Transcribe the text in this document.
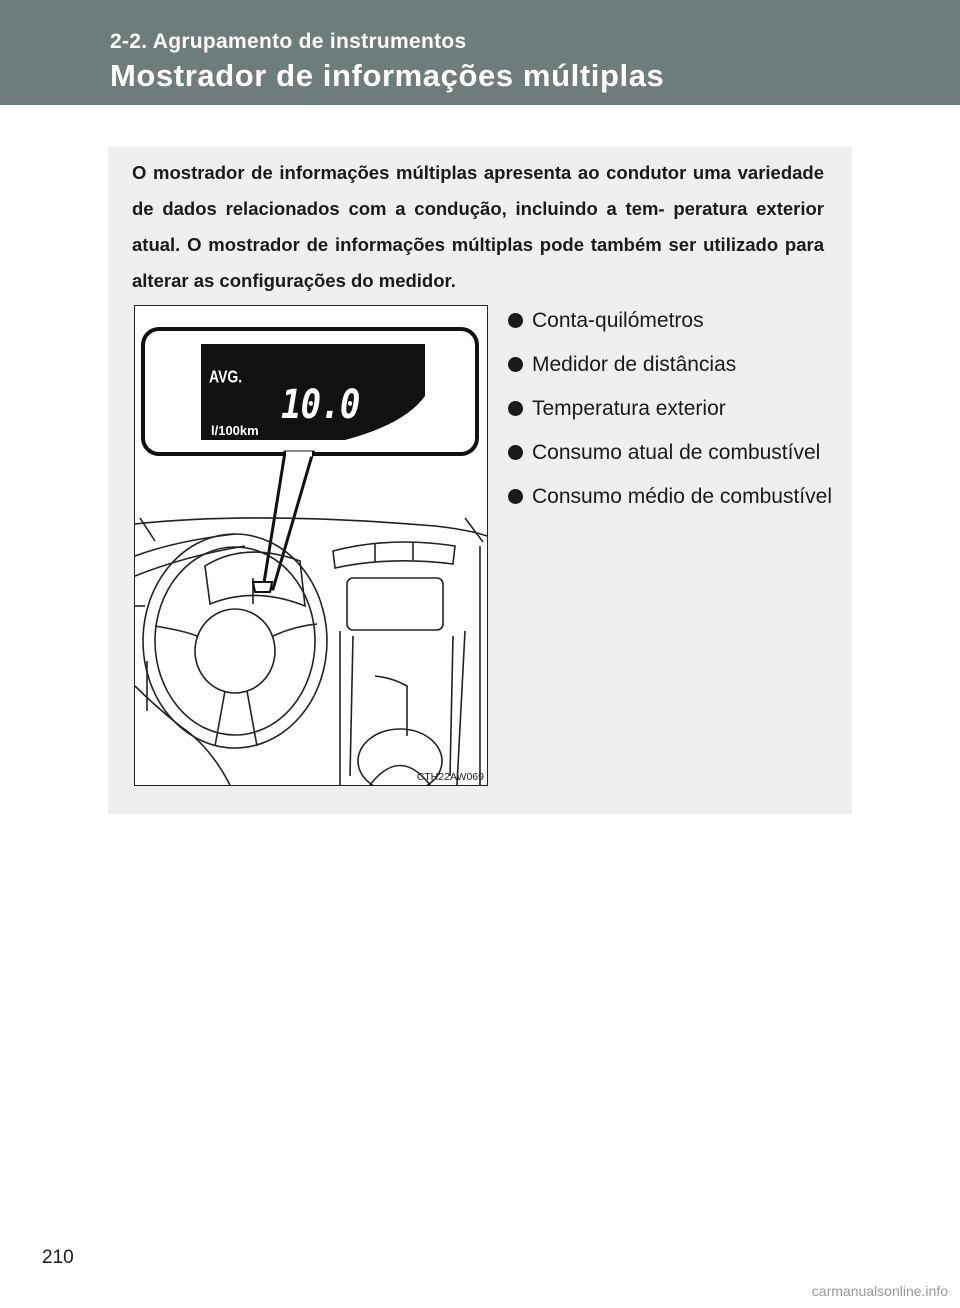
2-2. Agrupamento de instrumentos
Mostrador de informações múltiplas
O mostrador de informações múltiplas apresenta ao condutor uma variedade de dados relacionados com a condução, incluindo a tem- peratura exterior atual. O mostrador de informações múltiplas pode também ser utilizado para alterar as configurações do medidor.
AVG.
10.0
l/100km
CTH22AW069
Conta-quilómetros
Medidor de distâncias
Temperatura exterior
Consumo atual de combustível
Consumo médio de combustível
210
carmanualsonline.info
